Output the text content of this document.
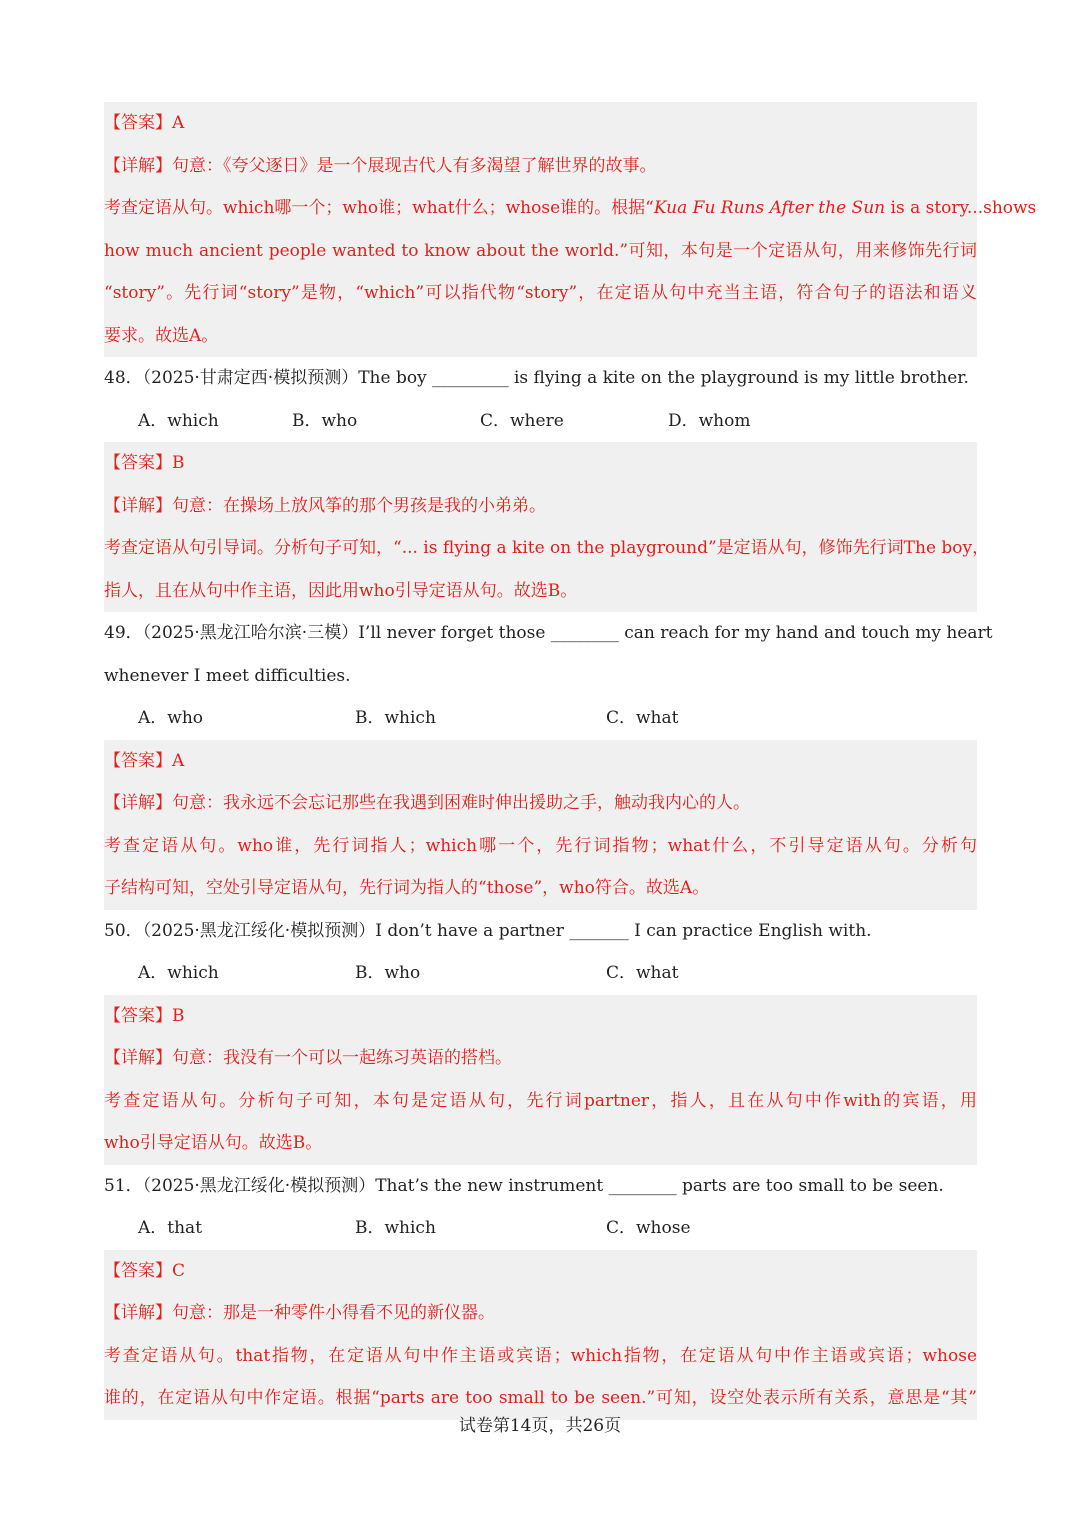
【答案】A
【详解】句意：《夸父逐日》是一个展现古代人有多渴望了解世界的故事。
考查定语从句。which哪一个；who谁；what什么；whose谁的。根据“Kua Fu Runs After the Sun is a story...shows
how much ancient people wanted to know about the world.”可知，本句是一个定语从句，用来修饰先行词
“story”。先行词“story”是物，“which”可以指代物“story”，在定语从句中充当主语，符合句子的语法和语义
要求。故选A。
48．（2025·甘肃定西·模拟预测）The boy _________ is flying a kite on the playground is my little brother.
A．which	B．who	C．where	D．whom
【答案】B
【详解】句意：在操场上放风筝的那个男孩是我的小弟弟。
考查定语从句引导词。分析句子可知，“... is flying a kite on the playground”是定语从句，修饰先行词The boy，
指人，且在从句中作主语，因此用who引导定语从句。故选B。
49．（2025·黑龙江哈尔滨·三模）I’ll never forget those ________ can reach for my hand and touch my heart
whenever I meet difficulties.
A．who	B．which	C．what
【答案】A
【详解】句意：我永远不会忘记那些在我遇到困难时伸出援助之手，触动我内心的人。
考查定语从句。who谁，先行词指人；which哪一个，先行词指物；what什么，不引导定语从句。分析句
子结构可知，空处引导定语从句，先行词为指人的“those”，who符合。故选A。
50．（2025·黑龙江绥化·模拟预测）I don’t have a partner _______ I can practice English with.
A．which	B．who	C．what
【答案】B
【详解】句意：我没有一个可以一起练习英语的搭档。
考查定语从句。分析句子可知，本句是定语从句，先行词partner，指人，且在从句中作with的宾语，用
who引导定语从句。故选B。
51．（2025·黑龙江绥化·模拟预测）That’s the new instrument ________ parts are too small to be seen.
A．that	B．which	C．whose
【答案】C
【详解】句意：那是一种零件小得看不见的新仪器。
考查定语从句。that指物，在定语从句中作主语或宾语；which指物，在定语从句中作主语或宾语；whose
谁的，在定语从句中作定语。根据“parts are too small to be seen.”可知，设空处表示所有关系，意思是“其”
试卷第14页，共26页
